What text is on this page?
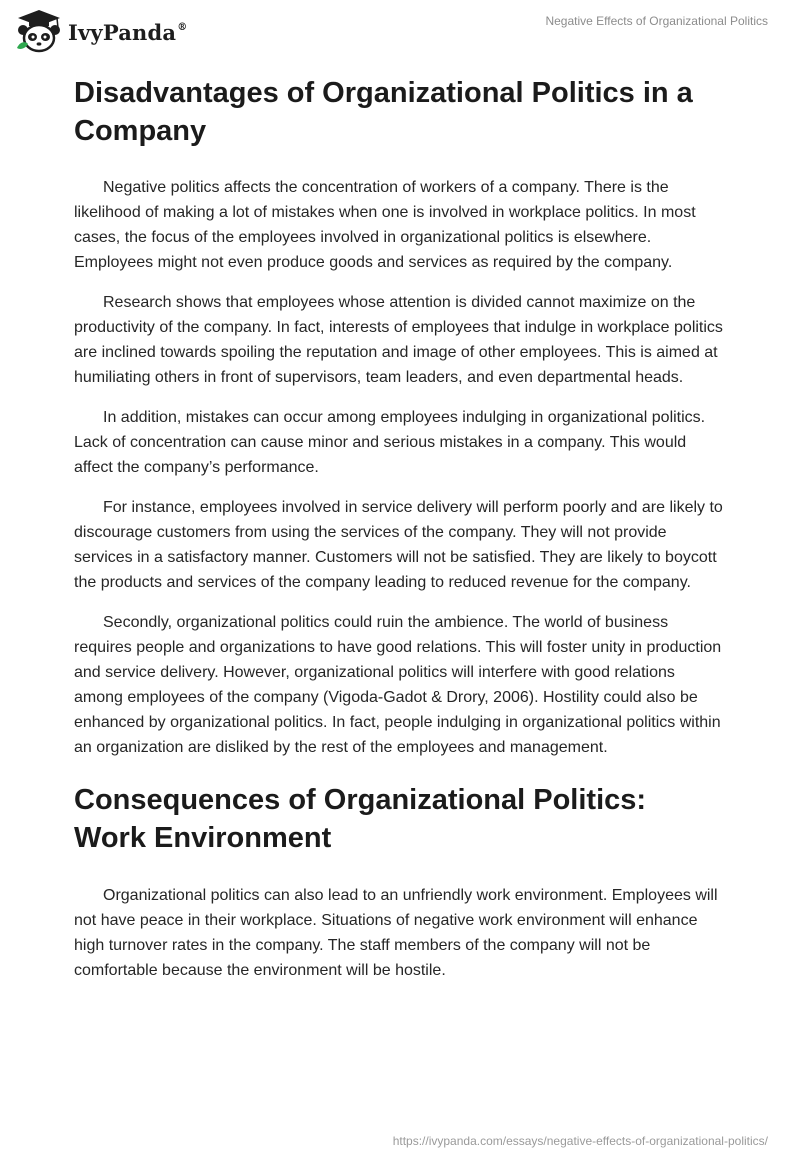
IvyPanda®	Negative Effects of Organizational Politics
Disadvantages of Organizational Politics in a Company

Negative politics affects the concentration of workers of a company. There is the likelihood of making a lot of mistakes when one is involved in workplace politics. In most cases, the focus of the employees involved in organizational politics is elsewhere. Employees might not even produce goods and services as required by the company.

Research shows that employees whose attention is divided cannot maximize on the productivity of the company. In fact, interests of employees that indulge in workplace politics are inclined towards spoiling the reputation and image of other employees. This is aimed at humiliating others in front of supervisors, team leaders, and even departmental heads.

In addition, mistakes can occur among employees indulging in organizational politics. Lack of concentration can cause minor and serious mistakes in a company. This would affect the company’s performance.

For instance, employees involved in service delivery will perform poorly and are likely to discourage customers from using the services of the company. They will not provide services in a satisfactory manner. Customers will not be satisfied. They are likely to boycott the products and services of the company leading to reduced revenue for the company.

Secondly, organizational politics could ruin the ambience. The world of business requires people and organizations to have good relations. This will foster unity in production and service delivery. However, organizational politics will interfere with good relations among employees of the company (Vigoda-Gadot & Drory, 2006). Hostility could also be enhanced by organizational politics. In fact, people indulging in organizational politics within an organization are disliked by the rest of the employees and management.

Consequences of Organizational Politics: Work Environment

Organizational politics can also lead to an unfriendly work environment. Employees will not have peace in their workplace. Situations of negative work environment will enhance high turnover rates in the company. The staff members of the company will not be comfortable because the environment will be hostile.

https://ivypanda.com/essays/negative-effects-of-organizational-politics/
